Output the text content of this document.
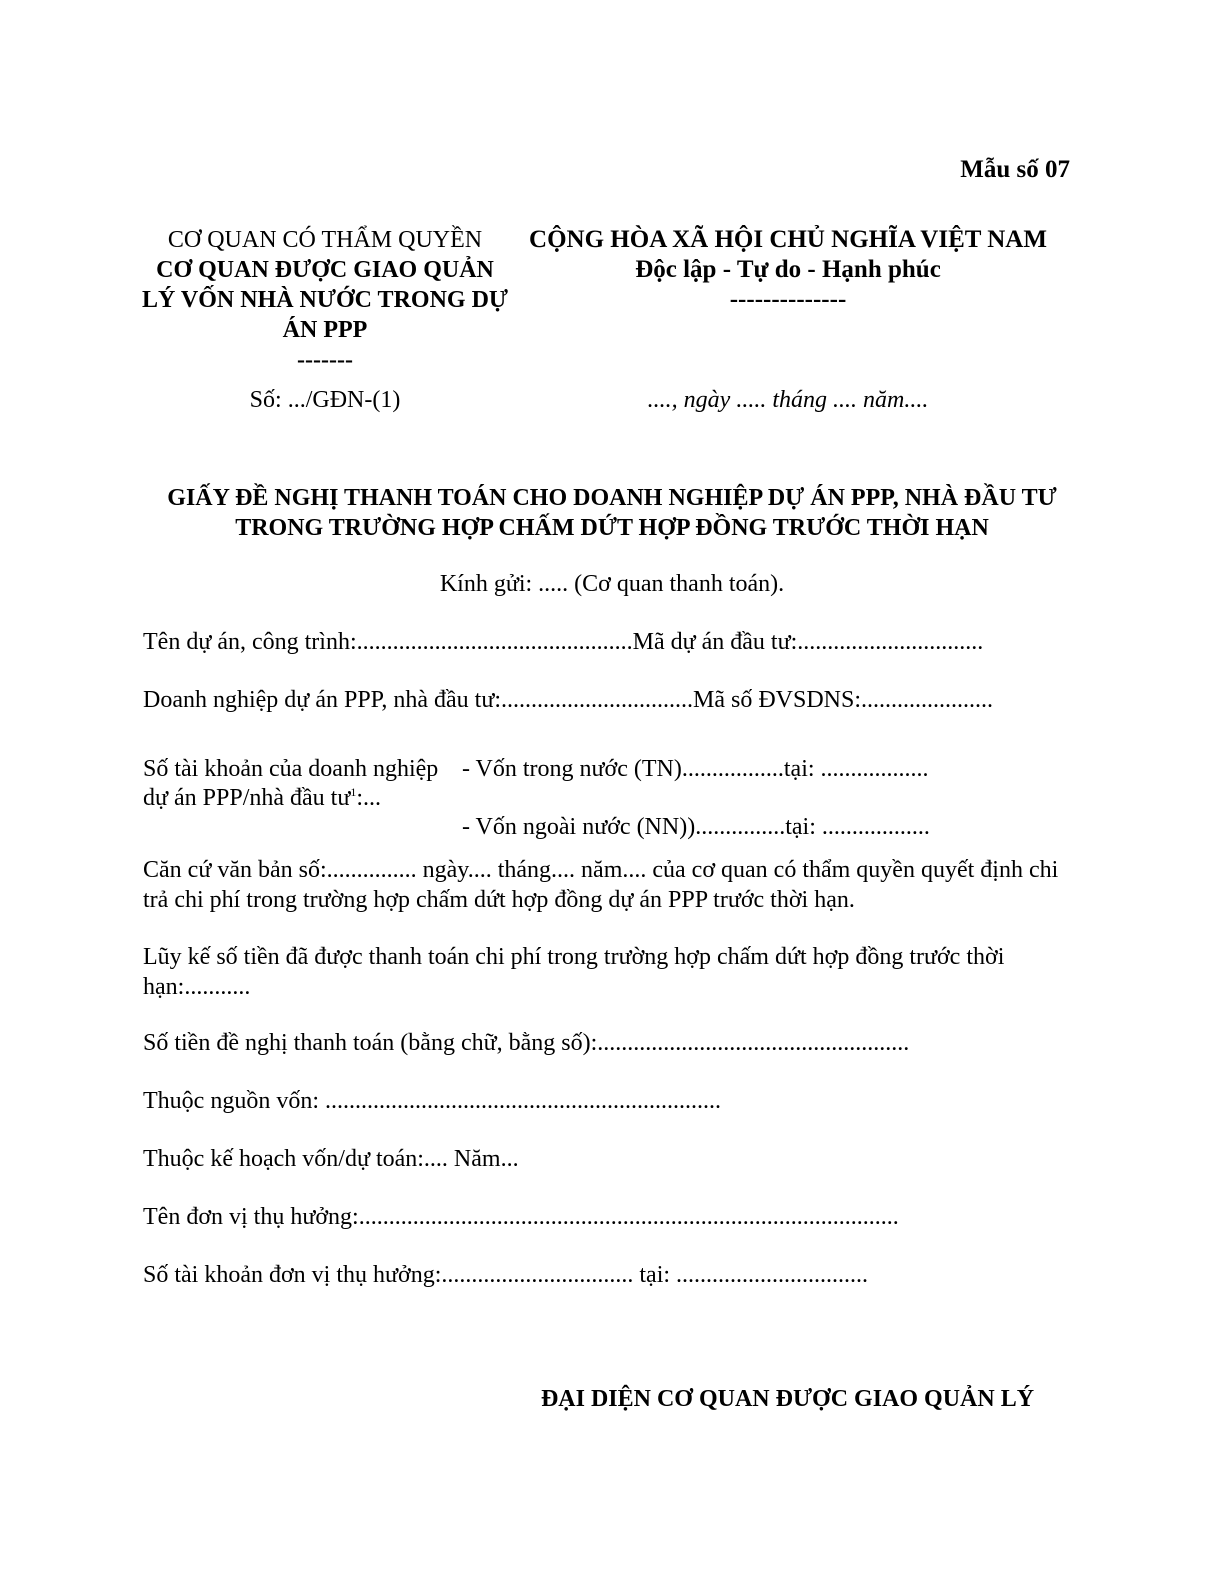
Mẫu số 07
CƠ QUAN CÓ THẨM QUYỀN
CƠ QUAN ĐƯỢC GIAO QUẢN LÝ VỐN NHÀ NƯỚC TRONG DỰ ÁN PPP
-------
CỘNG HÒA XÃ HỘI CHỦ NGHĨA VIỆT NAM
Độc lập - Tự do - Hạnh phúc
--------------
Số: .../GĐN-(1)	...., ngày ..... tháng .... năm....
GIẤY ĐỀ NGHỊ THANH TOÁN CHO DOANH NGHIỆP DỰ ÁN PPP, NHÀ ĐẦU TƯ TRONG TRƯỜNG HỢP CHẤM DỨT HỢP ĐỒNG TRƯỚC THỜI HẠN
Kính gửi: ..... (Cơ quan thanh toán).
Tên dự án, công trình:..............................................Mã dự án đầu tư:...............................
Doanh nghiệp dự án PPP, nhà đầu tư:................................Mã số ĐVSDNS:......................
Số tài khoản của doanh nghiệp dự án PPP/nhà đầu $tư^1$:...
- Vốn trong nước (TN).................tại: ..................
- Vốn ngoài nước (NN))...............tại: ..................
Căn cứ văn bản số:............... ngày.... tháng.... năm.... của cơ quan có thẩm quyền quyết định chi trả chi phí trong trường hợp chấm dứt hợp đồng dự án PPP trước thời hạn.
Lũy kế số tiền đã được thanh toán chi phí trong trường hợp chấm dứt hợp đồng trước thời hạn:...........
Số tiền đề nghị thanh toán (bằng chữ, bằng số):....................................................
Thuộc nguồn vốn: ..................................................................
Thuộc kế hoạch vốn/dự toán:.... Năm...
Tên đơn vị thụ hưởng:..........................................................................................
Số tài khoản đơn vị thụ hưởng:................................ tại: ................................
ĐẠI DIỆN CƠ QUAN ĐƯỢC GIAO QUẢN LÝ
